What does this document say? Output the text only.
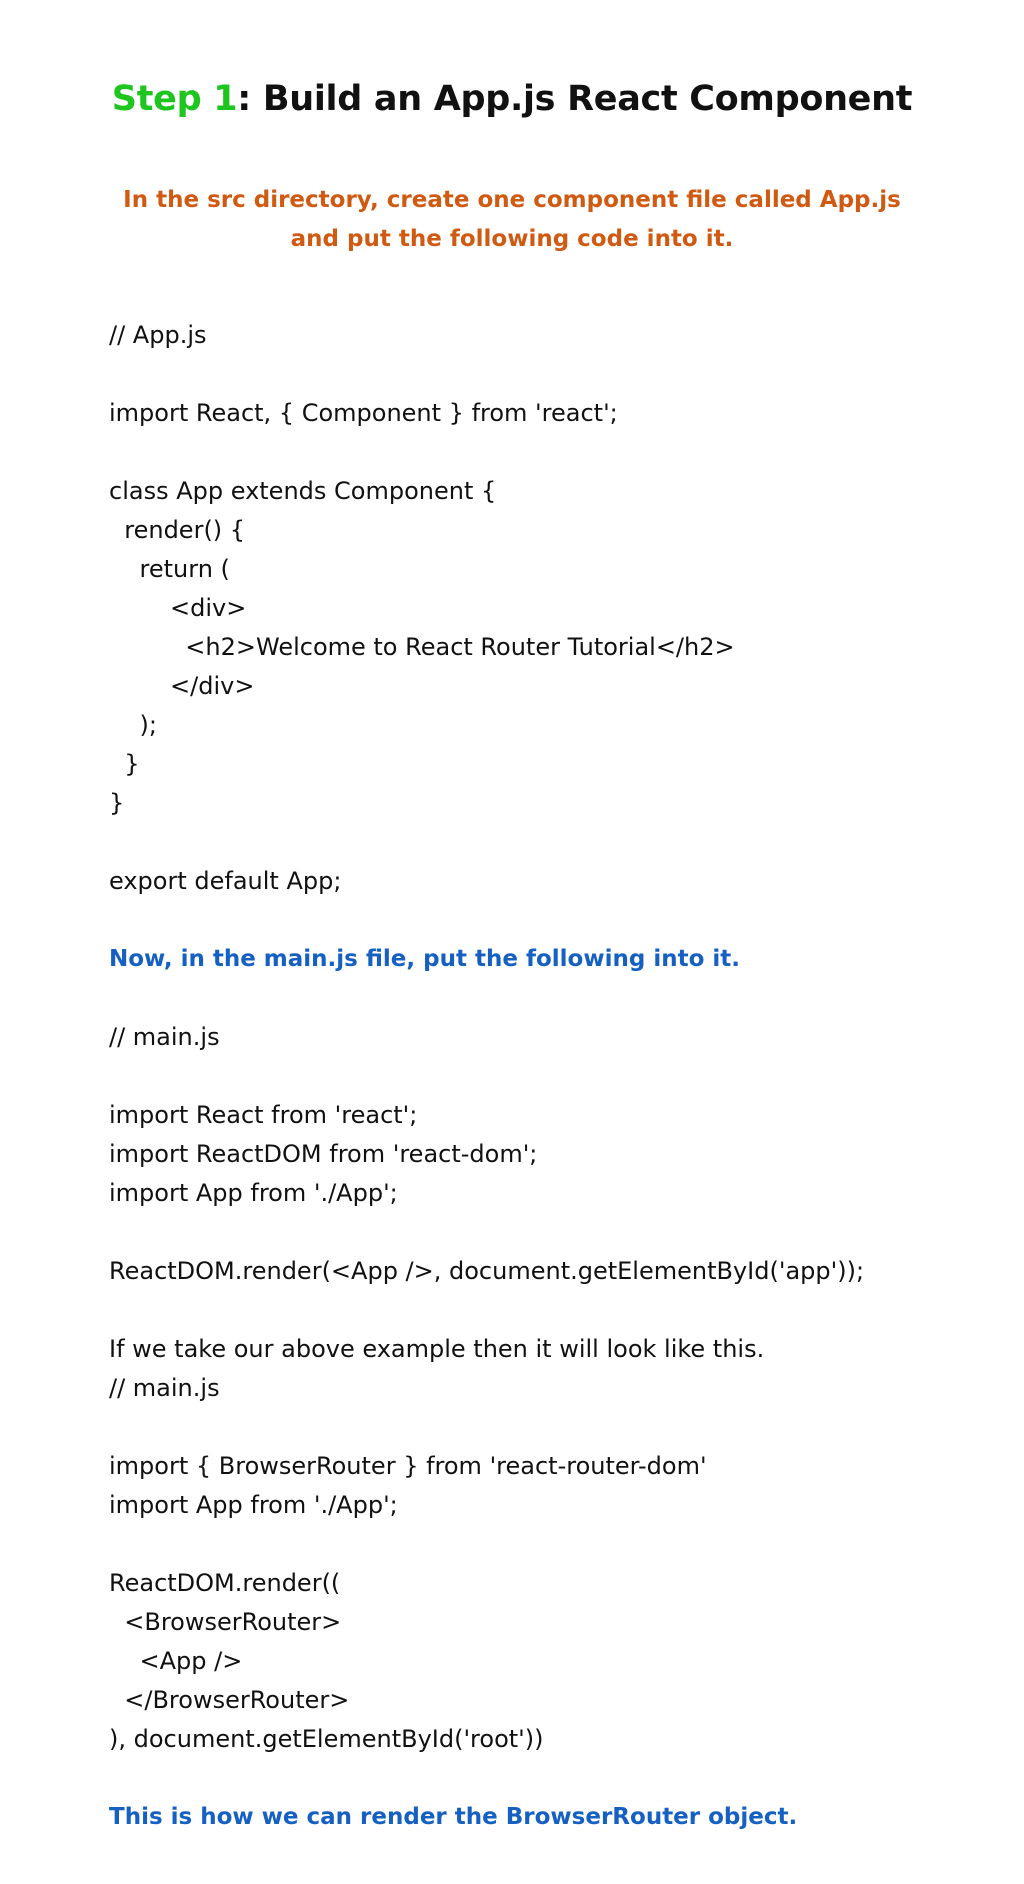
Step 1: Build an App.js React Component
In the src directory, create one component file called App.js
and put the following code into it.
// App.js
import React, { Component } from 'react';
class App extends Component {
render() {
return (
<div>
<h2>Welcome to React Router Tutorial</h2>
</div>
);
}
}
export default App;
Now, in the main.js file, put the following into it.
// main.js
import React from 'react';
import ReactDOM from 'react-dom';
import App from './App';
ReactDOM.render(<App />, document.getElementById('app'));
If we take our above example then it will look like this.
// main.js
import { BrowserRouter } from 'react-router-dom'
import App from './App';
ReactDOM.render((
<BrowserRouter>
<App />
</BrowserRouter>
), document.getElementById('root'))
This is how we can render the BrowserRouter object.
